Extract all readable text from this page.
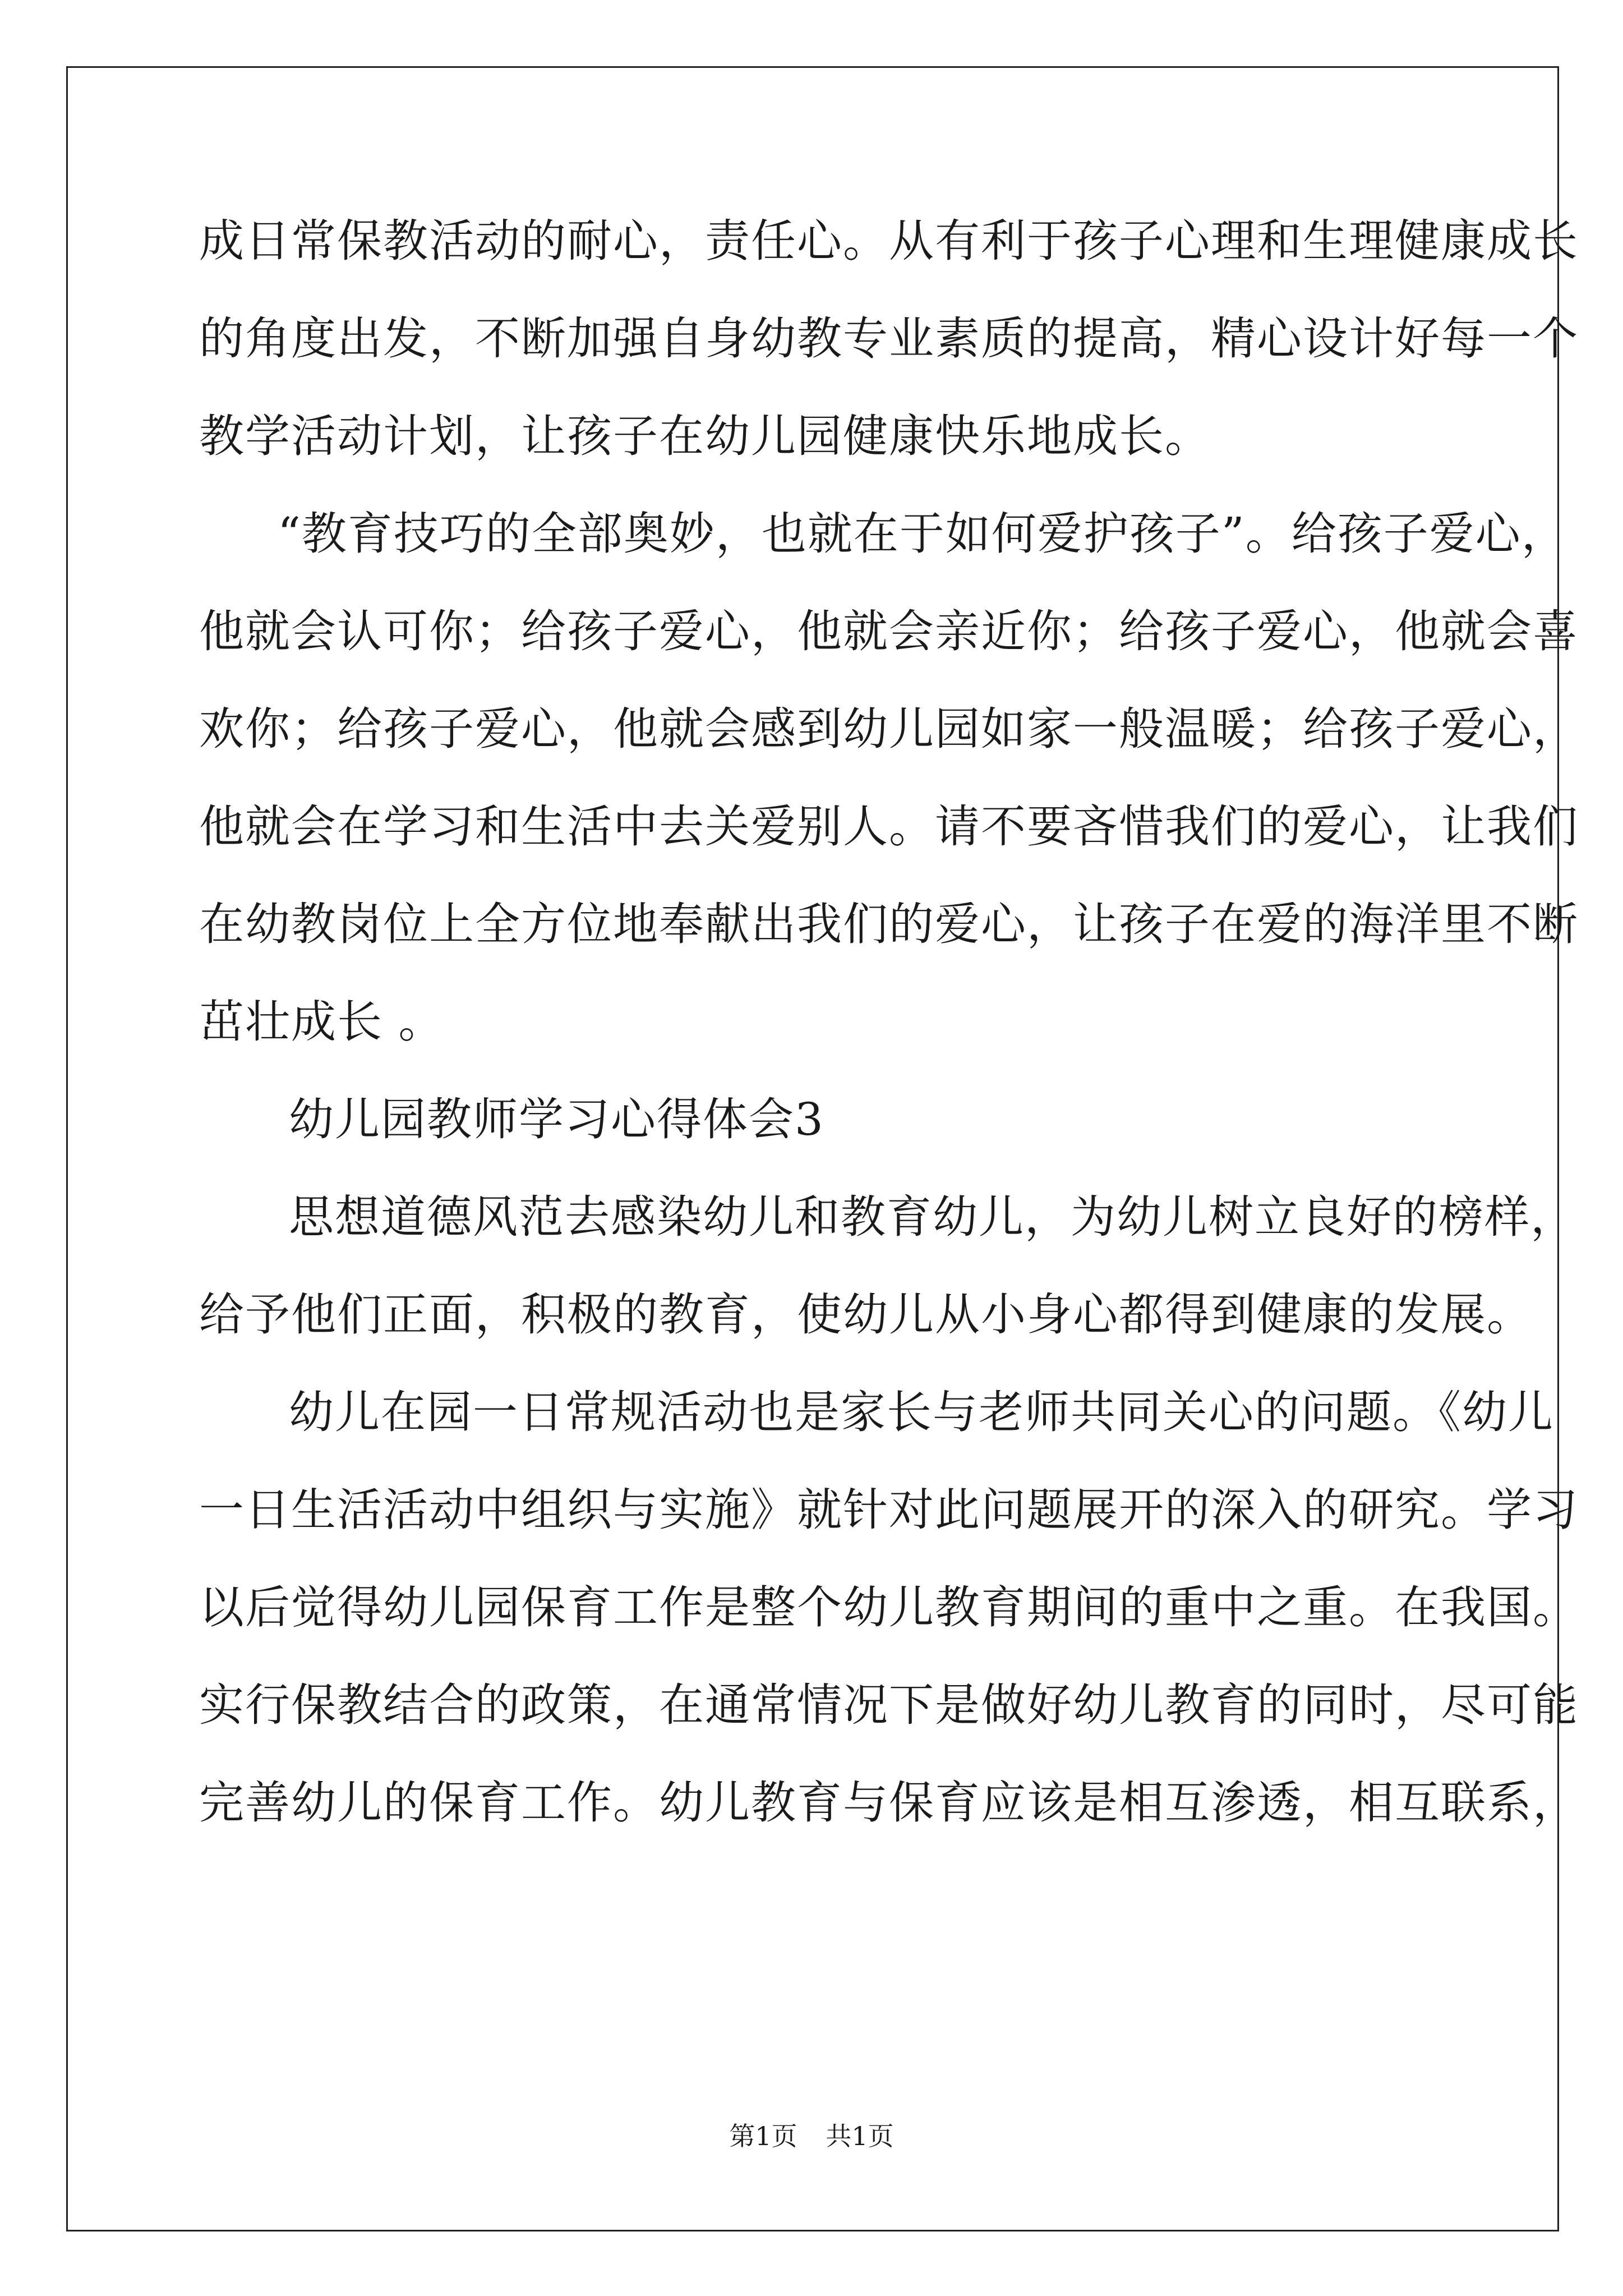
成日常保教活动的耐心，责任心。从有利于孩子心理和生理健康成长
的角度出发，不断加强自身幼教专业素质的提高，精心设计好每一个
教学活动计划，让孩子在幼儿园健康快乐地成长。
“教育技巧的全部奥妙，也就在于如何爱护孩子”。给孩子爱心，
他就会认可你；给孩子爱心，他就会亲近你；给孩子爱心，他就会喜
欢你；给孩子爱心，他就会感到幼儿园如家一般温暖；给孩子爱心，
他就会在学习和生活中去关爱别人。请不要吝惜我们的爱心，让我们
在幼教岗位上全方位地奉献出我们的爱心，让孩子在爱的海洋里不断
茁壮成长 。
幼儿园教师学习心得体会3
思想道德风范去感染幼儿和教育幼儿，为幼儿树立良好的榜样，
给予他们正面，积极的教育，使幼儿从小身心都得到健康的发展。
幼儿在园一日常规活动也是家长与老师共同关心的问题。《幼儿
一日生活活动中组织与实施》就针对此问题展开的深入的研究。学习
以后觉得幼儿园保育工作是整个幼儿教育期间的重中之重。在我国。
实行保教结合的政策，在通常情况下是做好幼儿教育的同时，尽可能
完善幼儿的保育工作。幼儿教育与保育应该是相互渗透，相互联系，
第1页 共1页
